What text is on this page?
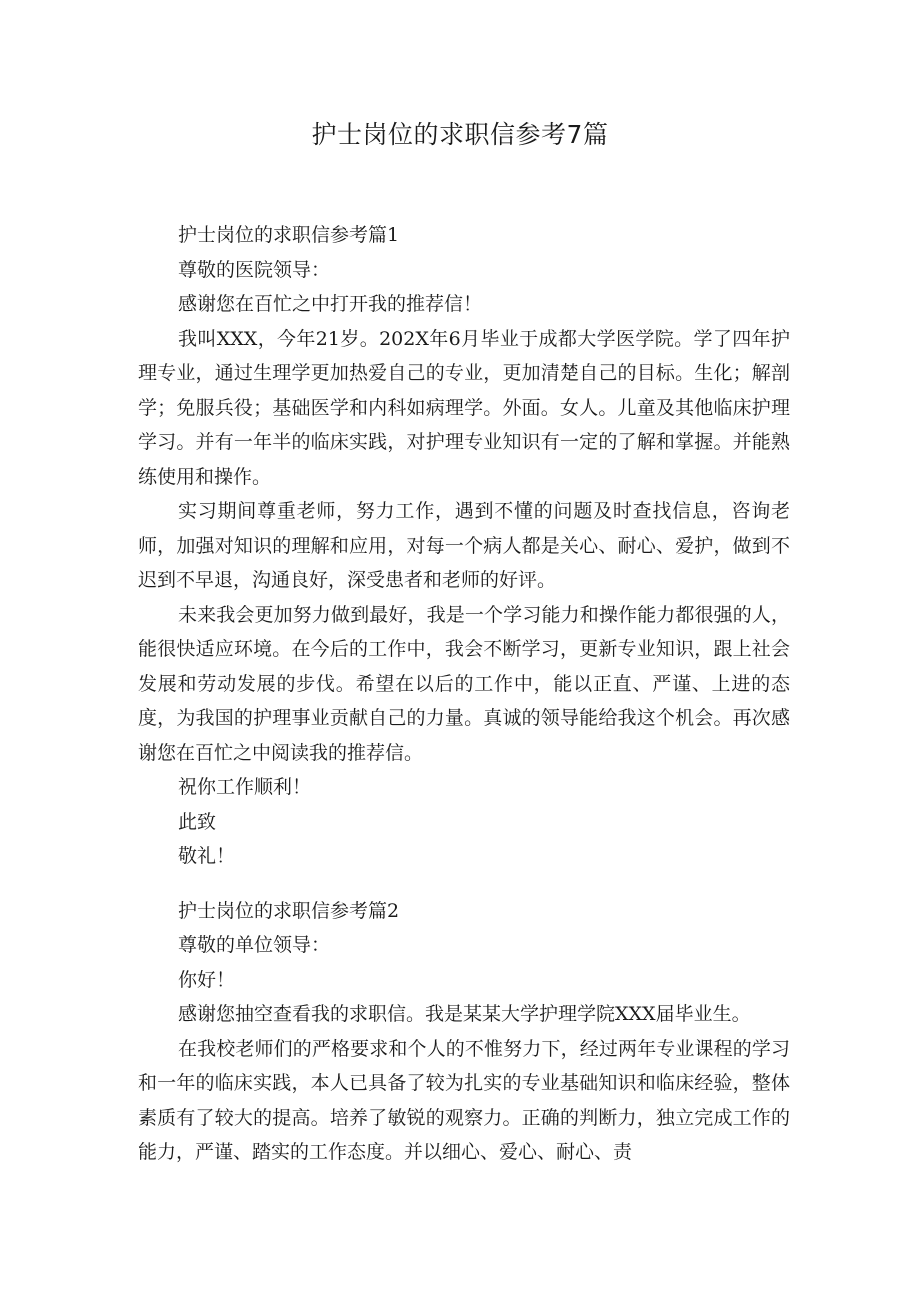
护士岗位的求职信参考7篇

护士岗位的求职信参考篇1

尊敬的医院领导：

感谢您在百忙之中打开我的推荐信！

我叫XXX，今年21岁。202X年6月毕业于成都大学医学院。学了四年护理专业，通过生理学更加热爱自己的专业，更加清楚自己的目标。生化；解剖学；免服兵役；基础医学和内科如病理学。外面。女人。儿童及其他临床护理学习。并有一年半的临床实践，对护理专业知识有一定的了解和掌握。并能熟练使用和操作。

实习期间尊重老师，努力工作，遇到不懂的问题及时查找信息，咨询老师，加强对知识的理解和应用，对每一个病人都是关心、耐心、爱护，做到不迟到不早退，沟通良好，深受患者和老师的好评。

未来我会更加努力做到最好，我是一个学习能力和操作能力都很强的人，能很快适应环境。在今后的工作中，我会不断学习，更新专业知识，跟上社会发展和劳动发展的步伐。希望在以后的工作中，能以正直、严谨、上进的态度，为我国的护理事业贡献自己的力量。真诚的领导能给我这个机会。再次感谢您在百忙之中阅读我的推荐信。

祝你工作顺利！

此致

敬礼！

护士岗位的求职信参考篇2

尊敬的单位领导：

你好！

感谢您抽空查看我的求职信。我是某某大学护理学院XXX届毕业生。

在我校老师们的严格要求和个人的不惟努力下，经过两年专业课程的学习和一年的临床实践，本人已具备了较为扎实的专业基础知识和临床经验，整体素质有了较大的提高。培养了敏锐的观察力。正确的判断力，独立完成工作的能力，严谨、踏实的工作态度。并以细心、爱心、耐心、责
